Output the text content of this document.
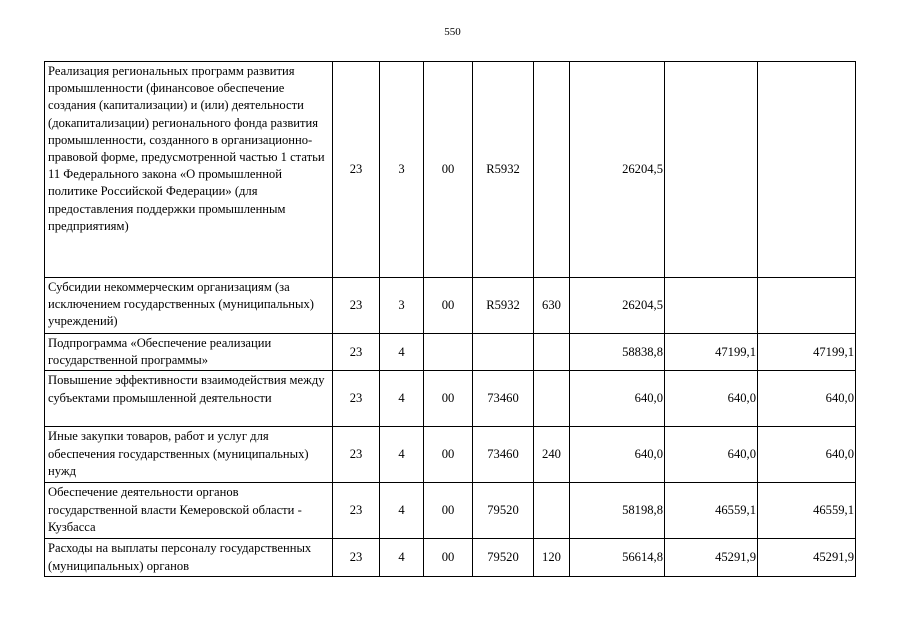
550
Реализация региональных программ развития промышленности (финансовое обеспечение создания (капитализации) и (или) деятельности (докапитализации) регионального фонда развития промышленности, созданного в организационно-правовой форме, предусмотренной частью 1 статьи 11 Федерального закона «О промышленной политике Российской Федерации» (для предоставления поддержки промышленным предприятиям)	23	3	00	R5932		26204,5		
Субсидии некоммерческим организациям (за исключением государственных (муниципальных) учреждений)	23	3	00	R5932	630	26204,5		
Подпрограмма «Обеспечение реализации государственной программы»	23	4				58838,8	47199,1	47199,1
Повышение эффективности взаимодействия между субъектами промышленной деятельности	23	4	00	73460		640,0	640,0	640,0
Иные закупки товаров, работ и услуг для обеспечения государственных (муниципальных) нужд	23	4	00	73460	240	640,0	640,0	640,0
Обеспечение деятельности органов государственной власти Кемеровской области - Кузбасса	23	4	00	79520		58198,8	46559,1	46559,1
Расходы на выплаты персоналу государственных (муниципальных) органов	23	4	00	79520	120	56614,8	45291,9	45291,9
